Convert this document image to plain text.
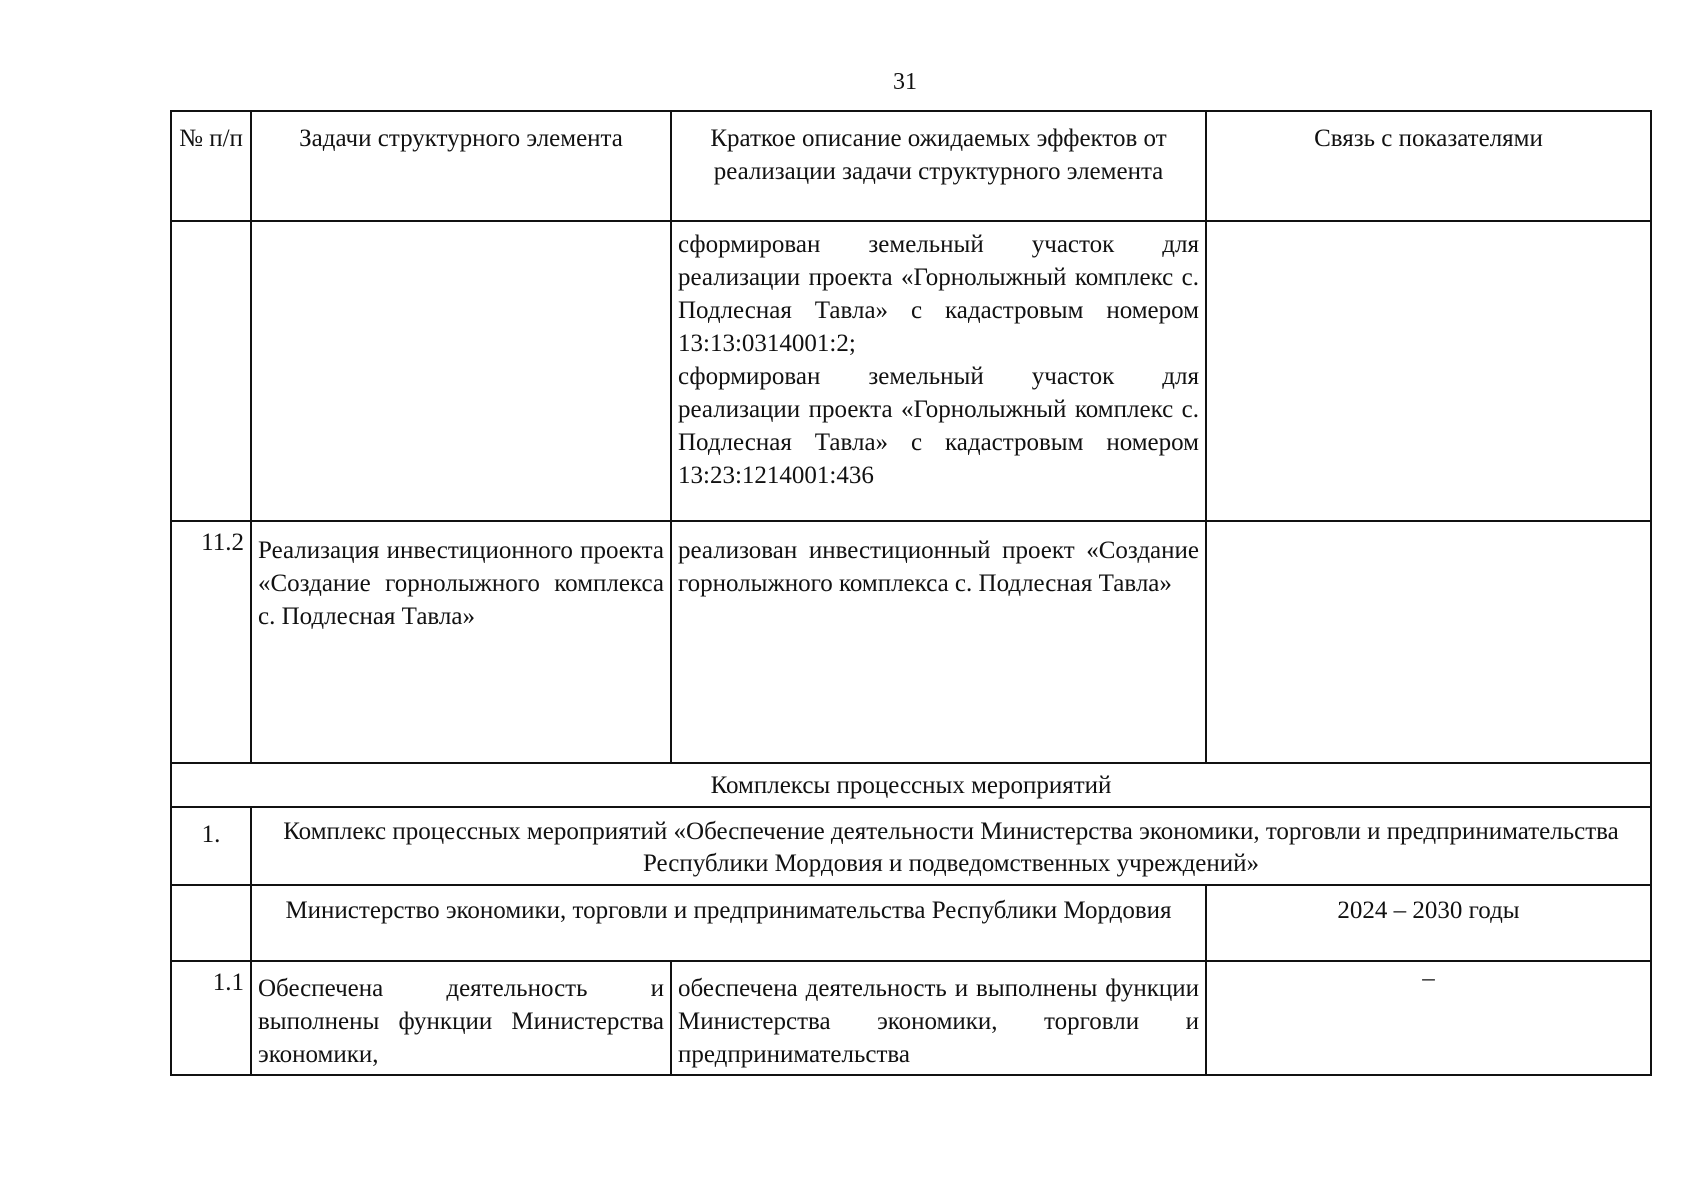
31
№ п/п	Задачи структурного элемента	Краткое описание ожидаемых эффектов от реализации задачи структурного элемента	Связь с показателями

		сформирован земельный участок для реализации проекта «Горнолыжный комплекс с. Подлесная Тавла» с кадастровым номером 13:13:0314001:2;
сформирован земельный участок для реализации проекта «Горнолыжный комплекс с. Подлесная Тавла» с кадастровым номером 13:23:1214001:436	

11.2	Реализация инвестиционного проекта «Создание горнолыжного комплекса с. Подлесная Тавла»	реализован инвестиционный проект «Создание горнолыжного комплекса с. Подлесная Тавла»	
Комплексы процессных мероприятий			
1.	Комплекс процессных мероприятий «Обеспечение деятельности Министерства экономики, торговли и предпринимательства Республики Мордовия и подведомственных учреждений»		
	Министерство экономики, торговли и предпринимательства Республики Мордовия		2024 – 2030 годы
1.1	Обеспечена деятельность и выполнены функции Министерства экономики,	обеспечена деятельность и выполнены функции Министерства экономики, торговли и предпринимательства	–
